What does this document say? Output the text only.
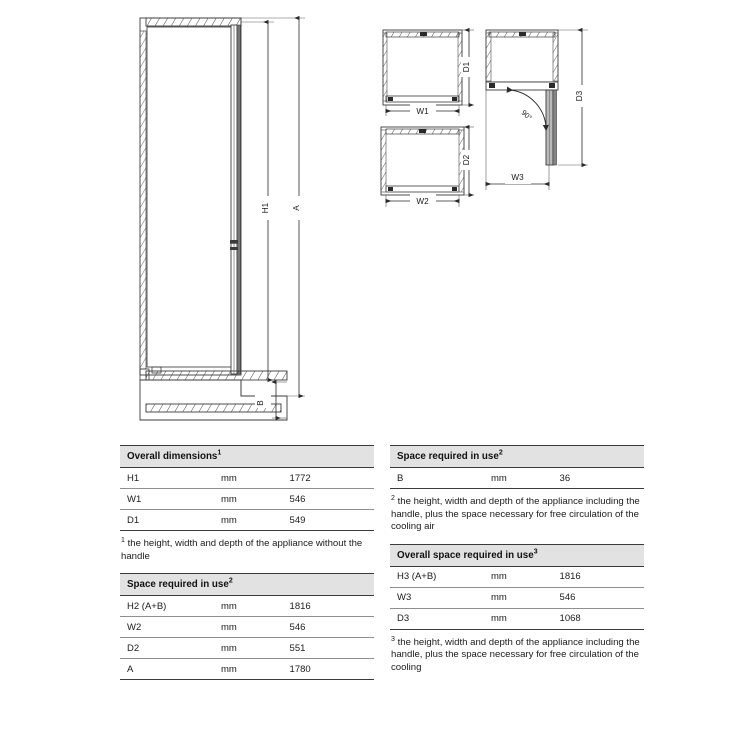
H1	A
B
D1
W1
D2
W2
90°
D3
W3
Overall dimensions$^1$
H1	mm	1772
W1	mm	546
D1	mm	549
$^1$ the height, width and depth of the appliance without the handle
Space required in use$^2$
H2 (A+B)	mm	1816
W2	mm	546
D2	mm	551
A	mm	1780
Space required in use$^2$
B	mm	36
$^2$ the height, width and depth of the appliance including the handle, plus the space necessary for free circulation of the cooling air
Overall space required in use$^3$
H3 (A+B)	mm	1816
W3	mm	546
D3	mm	1068
$^3$ the height, width and depth of the appliance including the handle, plus the space necessary for free circulation of the cooling
